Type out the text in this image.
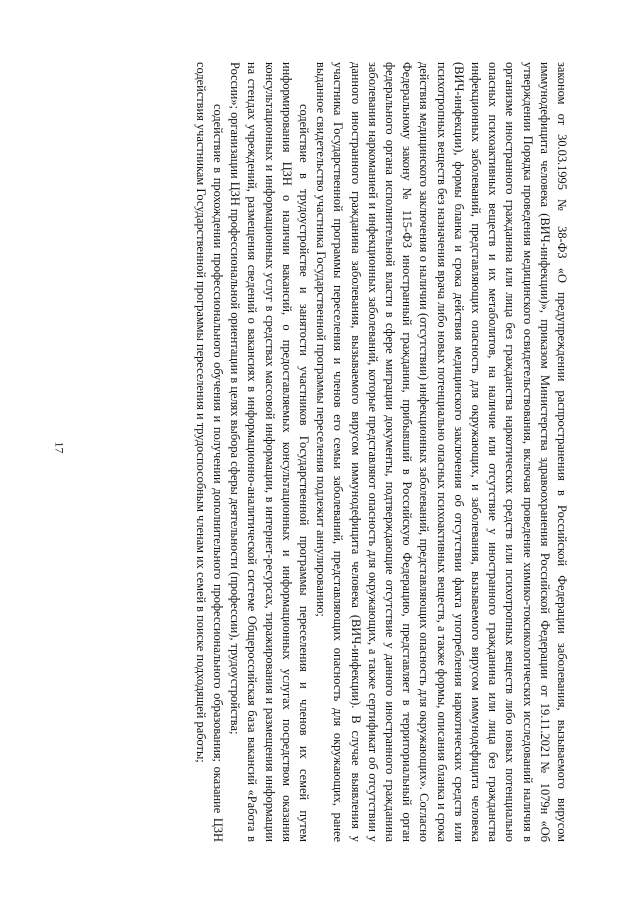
17	законом от 30.03.1995 № 38-ФЗ «О предупреждении распространения в Российской Федерации заболевания, вызываемого вирусом иммунодефицита человека (ВИЧ-инфекции)», приказом Министерства здравоохранения Российской Федерации от 19.11.2021№ 1079н «Об утверждении Порядка проведения медицинского освидетельствования, включая проведение химико-токсикологических исследований наличия в организме иностранного гражданина или лица без гражданства наркотических средств или психотропных веществ либо новых потенциально опасных психоактивных веществ и их метаболитов, на наличие или отсутствие у иностранного гражданина или лица без гражданства инфекционных заболеваний, представляющих опасность для окружающих, и заболевания, вызываемого вирусом иммунодефицита человека (ВИЧ-инфекции), формы бланка и срока действия медицинского заключения об отсутствии факта употребления наркотических средств или психотропных веществ без назначения врача либо новых потенциально опасных психоактивных веществ, а также формы, описания бланка и срока действия медицинского заключения о наличии (отсутствии) инфекционных заболеваний, представляющих опасность для окружающих». Согласно Федеральному закону № 115-ФЗ иностранный гражданин, прибывший в Российскую Федерацию, представляет в территориальный орган федерального органа исполнительной власти в сфере миграции документы, подтверждающие отсутствие у данного иностранного гражданина заболевания наркоманией и инфекционных заболеваний, которые представляют опасность для окружающих, а также сертификат об отсутствии у данного иностранного гражданина заболевания, вызываемого вирусом иммунодефицита человека (ВИЧ-инфекции). В случае выявления у участника Государственной программы переселения и членов его семьи заболеваний, представляющих опасность для окружающих, ранее выданное свидетельство участника Государственной программы переселения подлежит аннулированию;

содействие в трудоустройстве и занятости участников Государственной программы переселения и членов их семей путем информирования ЦЗН о наличии вакансий, о предоставляемых консультационных и информационных услугах посредством оказания консультационных и информационных услуг в средствах массовой информации, в интернет-ресурсах, тиражирования и размещения информации на стендах учреждений, размещения сведений о вакансиях в информационно-аналитической системе Общероссийская база вакансий «Работа в России»; организации ЦЗН профессиональной ориентации в целях выбора сферы деятельности (профессии), трудоустройства;

содействие в прохождении профессионального обучения и получении дополнительного профессионального образования; оказание ЦЗН содействия участникам Государственной программы переселения и трудоспособным членам их семей в поиске подходящей работы;
